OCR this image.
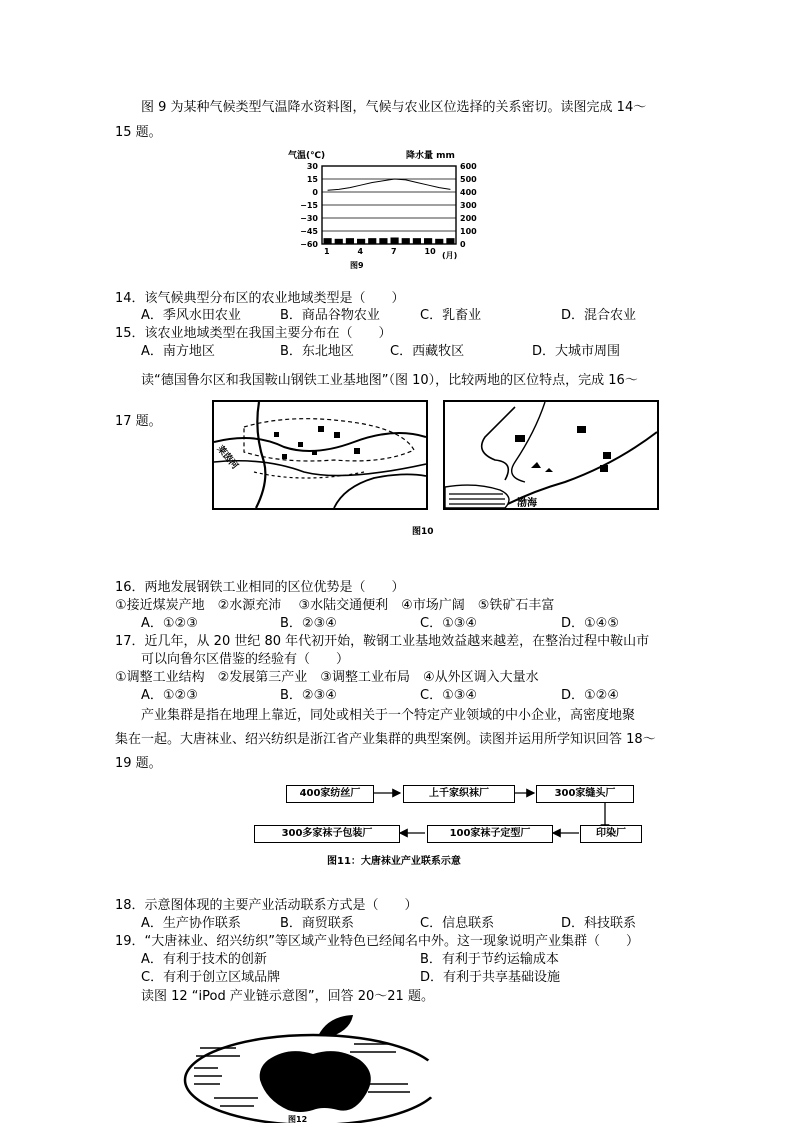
图 9 为某种气候类型气温降水资料图，气候与农业区位选择的关系密切。读图完成 14～
15 题。
气温(℃)	降水量 mm
30	600
15	500
0	400
−15	300
−30	200
−45	100
−60	0
1	4	7	10
图9
(月)
14．该气候典型分布区的农业地域类型是（　　）
A．季风水田农业	B．商品谷物农业	C．乳畜业	D．混合农业
15．该农业地域类型在我国主要分布在（　　）
A．南方地区	B．东北地区	C．西藏牧区	D．大城市周围
读“德国鲁尔区和我国鞍山钢铁工业基地图”（图 10），比较两地的区位特点，完成 16～
17 题。
莱茵河
渤海
图10
16．两地发展钢铁工业相同的区位优势是（　　）
①接近煤炭产地　②水源充沛　 ③水陆交通便利　④市场广阔　⑤铁矿石丰富
A．①②③	B．②③④	C．①③④	D．①④⑤
17．近几年，从 20 世纪 80 年代初开始，鞍钢工业基地效益越来越差，在整治过程中鞍山市
可以向鲁尔区借鉴的经验有（　　）
①调整工业结构　②发展第三产业　③调整工业布局　④从外区调入大量水
A．①②③	B．②③④	C．①③④	D．①②④
产业集群是指在地理上靠近，同处或相关于一个特定产业领域的中小企业，高密度地聚
集在一起。大唐袜业、绍兴纺织是浙江省产业集群的典型案例。读图并运用所学知识回答 18～
19 题。
400家纺丝厂	上千家织袜厂	300家缝头厂
印染厂
100家袜子定型厂
300多家袜子包装厂
图11：大唐袜业产业联系示意
18．示意图体现的主要产业活动联系方式是（　　）
A．生产协作联系	B．商贸联系	C．信息联系	D．科技联系
19．“大唐袜业、绍兴纺织”等区域产业特色已经闻名中外。这一现象说明产业集群（　　）
A．有利于技术的创新	B．有利于节约运输成本
C．有利于创立区域品牌	D．有利于共享基础设施
读图 12 “iPod 产业链示意图”，回答 20～21 题。
图12
